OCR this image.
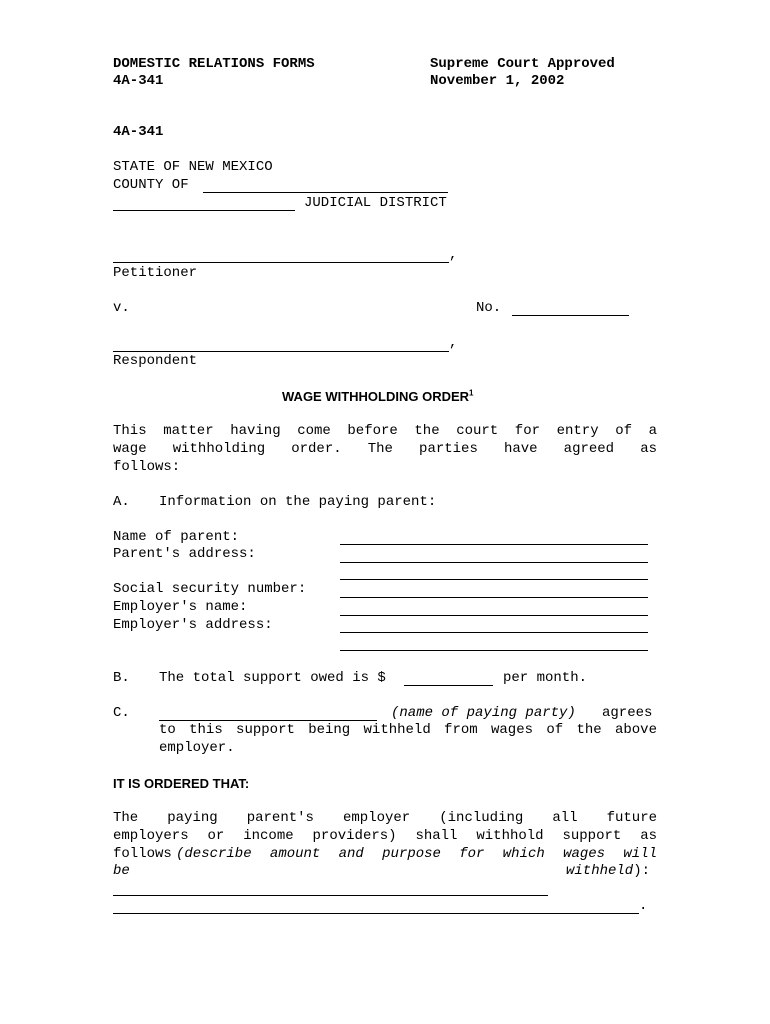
DOMESTIC RELATIONS FORMS
4A-341
Supreme Court Approved
November 1, 2002
4A-341
STATE OF NEW MEXICO
COUNTY OF
JUDICIAL DISTRICT
,
Petitioner
v.	No.
,
Respondent
WAGE WITHHOLDING ORDER$^1$
This matter having come before the court for entry of a
wage withholding order. The parties have agreed as
follows:
A. Information on the paying parent:
Name of parent:
Parent's address:
Social security number:
Employer's name:
Employer's address:
B. The total support owed is $	per month.
C.	(name of paying party) agrees
to this support being withheld from wages of the above
employer.
IT IS ORDERED THAT:
The paying parent's employer (including all future
employers or income providers) shall withhold support as
follows (describe amount and purpose for which wages will
be	withheld):
.
